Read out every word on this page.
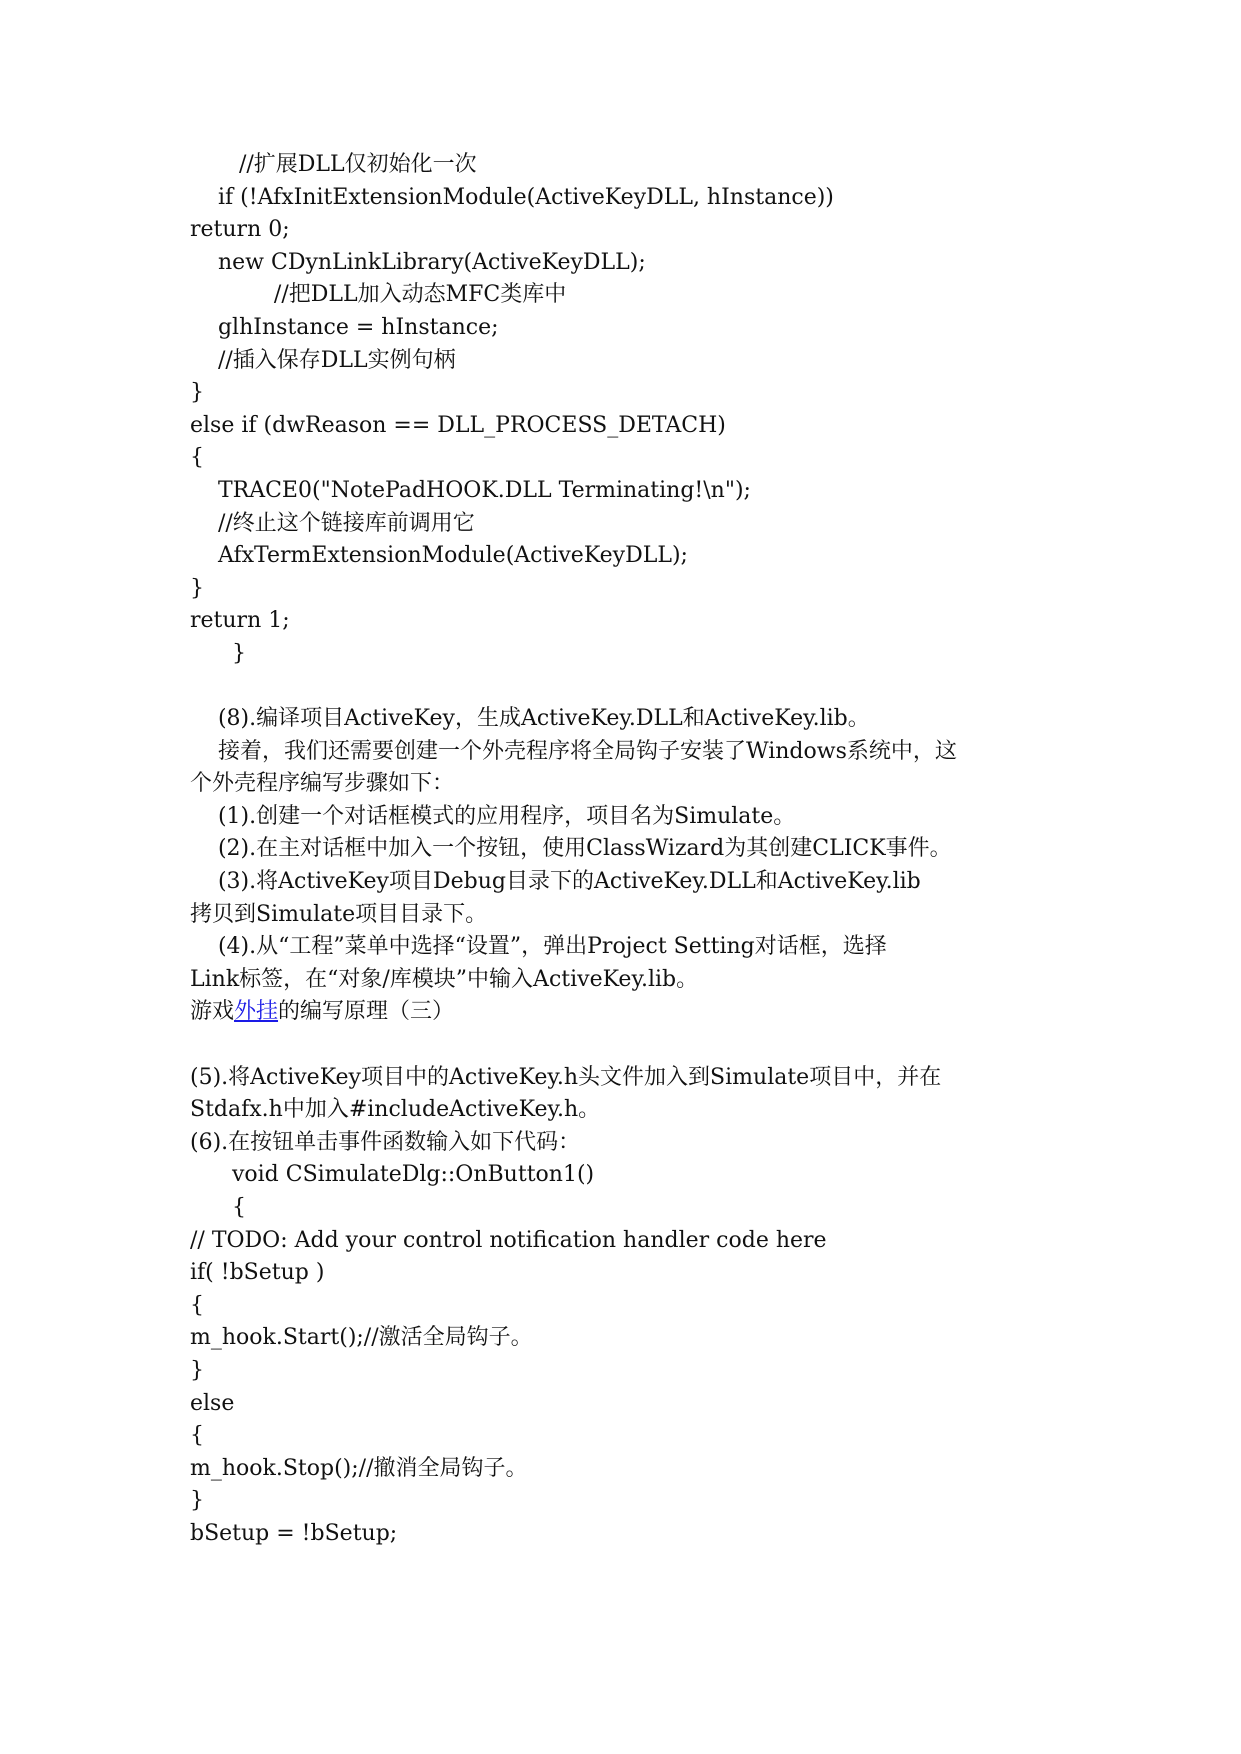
//扩展DLL仅初始化一次
if (!AfxInitExtensionModule(ActiveKeyDLL, hInstance))
return 0;
new CDynLinkLibrary(ActiveKeyDLL);
//把DLL加入动态MFC类库中
glhInstance = hInstance;
//插入保存DLL实例句柄
}
else if (dwReason == DLL_PROCESS_DETACH)
{
TRACE0("NotePadHOOK.DLL Terminating!\n");
//终止这个链接库前调用它
AfxTermExtensionModule(ActiveKeyDLL);
}
return 1;
}
(8).编译项目ActiveKey，生成ActiveKey.DLL和ActiveKey.lib。
接着，我们还需要创建一个外壳程序将全局钩子安装了Windows系统中，这
个外壳程序编写步骤如下：
(1).创建一个对话框模式的应用程序，项目名为Simulate。
(2).在主对话框中加入一个按钮，使用ClassWizard为其创建CLICK事件。
(3).将ActiveKey项目Debug目录下的ActiveKey.DLL和ActiveKey.lib
拷贝到Simulate项目目录下。
(4).从“工程”菜单中选择“设置”，弹出Project Setting对话框，选择
Link标签，在“对象/库模块”中输入ActiveKey.lib。
游戏外挂的编写原理（三）
(5).将ActiveKey项目中的ActiveKey.h头文件加入到Simulate项目中，并在
Stdafx.h中加入#includeActiveKey.h。
(6).在按钮单击事件函数输入如下代码：
void CSimulateDlg::OnButton1()
{
// TODO: Add your control notification handler code here
if( !bSetup )
{
m_hook.Start();//激活全局钩子。
}
else
{
m_hook.Stop();//撤消全局钩子。
}
bSetup = !bSetup;
